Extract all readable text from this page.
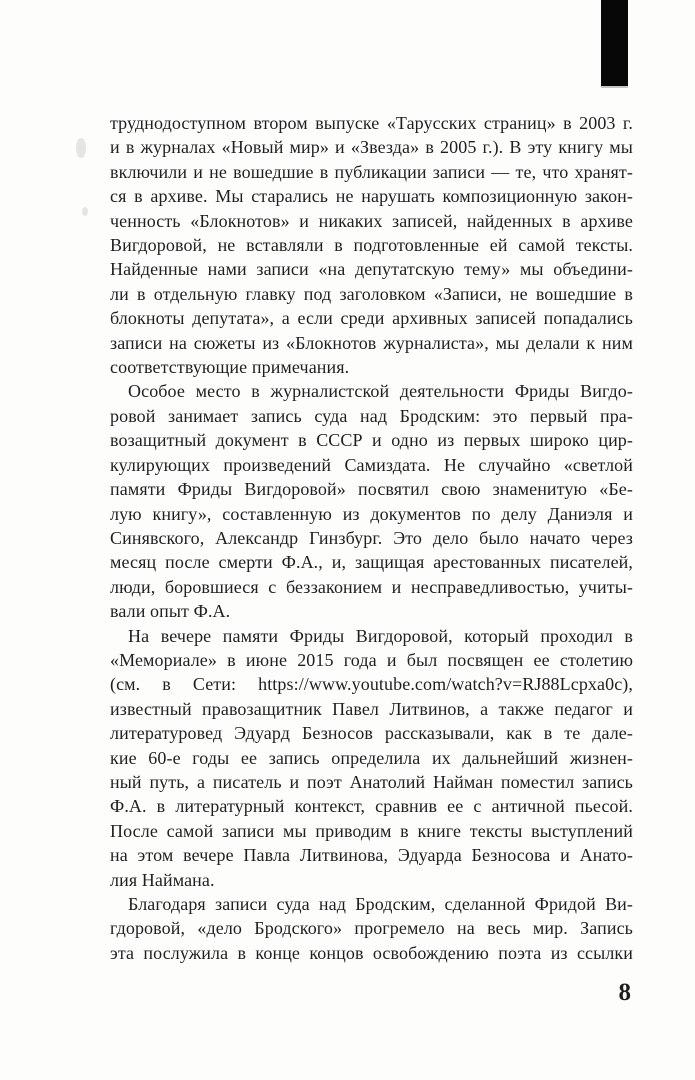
труднодоступном втором выпуске «Тарусских страниц» в 2003 г.
и в журналах «Новый мир» и «Звезда» в 2005 г.). В эту книгу мы
включили и не вошедшие в публикации записи — те, что хранят-
ся в архиве. Мы старались не нарушать композиционную закон-
ченность «Блокнотов» и никаких записей, найденных в архиве
Вигдоровой, не вставляли в подготовленные ей самой тексты.
Найденные нами записи «на депутатскую тему» мы объедини-
ли в отдельную главку под заголовком «Записи, не вошедшие в
блокноты депутата», а если среди архивных записей попадались
записи на сюжеты из «Блокнотов журналиста», мы делали к ним
соответствующие примечания.
Особое место в журналистской деятельности Фриды Вигдо-
ровой занимает запись суда над Бродским: это первый пра-
возащитный документ в СССР и одно из первых широко цир-
кулирующих произведений Самиздата. Не случайно «светлой
памяти Фриды Вигдоровой» посвятил свою знаменитую «Бе-
лую книгу», составленную из документов по делу Даниэля и
Синявского, Александр Гинзбург. Это дело было начато через
месяц после смерти Ф.А., и, защищая арестованных писателей,
люди, боровшиеся с беззаконием и несправедливостью, учиты-
вали опыт Ф.А.
На вечере памяти Фриды Вигдоровой, который проходил в
«Мемориале» в июне 2015 года и был посвящен ее столетию
(см. в Сети: https://www.youtube.com/watch?v=RJ88Lcpxa0c),
известный правозащитник Павел Литвинов, а также педагог и
литературовед Эдуард Безносов рассказывали, как в те дале-
кие 60-е годы ее запись определила их дальнейший жизнен-
ный путь, а писатель и поэт Анатолий Найман поместил запись
Ф.А. в литературный контекст, сравнив ее с античной пьесой.
После самой записи мы приводим в книге тексты выступлений
на этом вечере Павла Литвинова, Эдуарда Безносова и Анато-
лия Наймана.
Благодаря записи суда над Бродским, сделанной Фридой Ви-
гдоровой, «дело Бродского» прогремело на весь мир. Запись
эта послужила в конце концов освобождению поэта из ссылки
8
